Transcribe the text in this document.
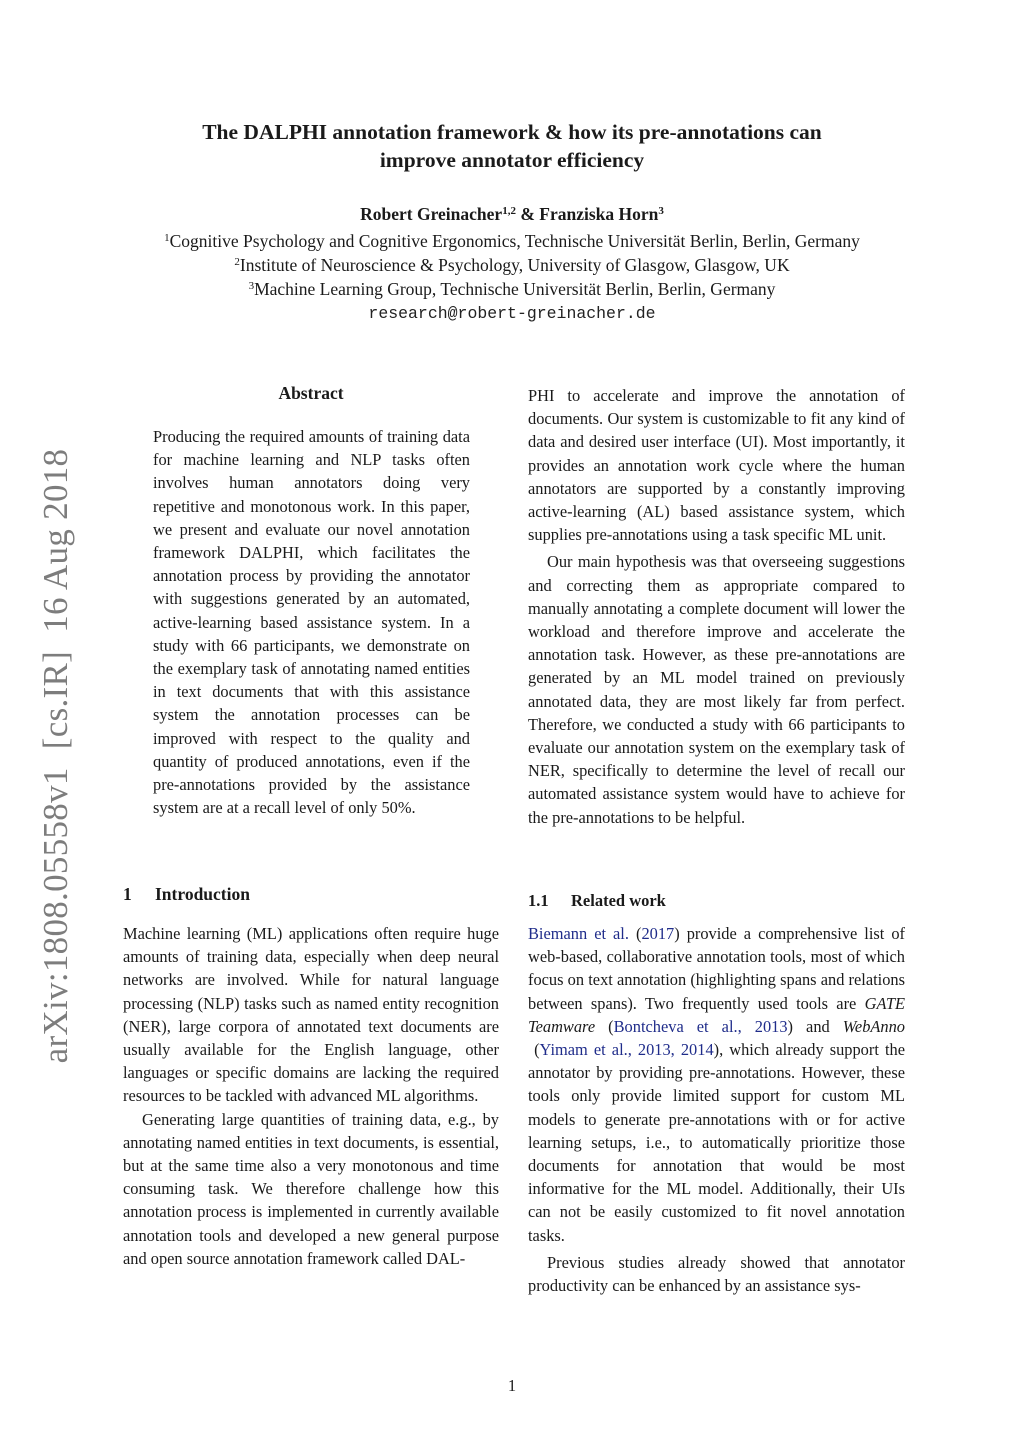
The DALPHI annotation framework & how its pre-annotations can
improve annotator efficiency
Robert Greinacher$^{1,2}$ & Franziska Horn$^3$
$^1$Cognitive Psychology and Cognitive Ergonomics, Technische Universität Berlin, Berlin, Germany
$^2$Institute of Neuroscience & Psychology, University of Glasgow, Glasgow, UK
$^3$Machine Learning Group, Technische Universität Berlin, Berlin, Germany
research@robert-greinacher.de
arXiv:1808.05558v1  [cs.IR]  16 Aug 2018
Abstract

Producing the required amounts of training data for machine learning and NLP tasks often involves human annotators doing very repetitive and monotonous work. In this paper, we present and evaluate our novel annotation framework DALPHI, which facilitates the annotation process by providing the annotator with suggestions generated by an automated, active-learning based assistance system. In a study with 66 participants, we demonstrate on the exemplary task of annotating named entities in text documents that with this assistance system the annotation processes can be improved with respect to the quality and quantity of produced annotations, even if the pre-annotations provided by the assistance system are at a recall level of only 50%.

1 Introduction

Machine learning (ML) applications often require huge amounts of training data, especially when deep neural networks are involved. While for natural language processing (NLP) tasks such as named entity recognition (NER), large corpora of annotated text documents are usually available for the English language, other languages or specific domains are lacking the required resources to be tackled with advanced ML algorithms.

Generating large quantities of training data, e.g., by annotating named entities in text documents, is essential, but at the same time also a very monotonous and time consuming task. We therefore challenge how this annotation process is implemented in currently available annotation tools and developed a new general purpose and open source annotation framework called DAL-

PHI to accelerate and improve the annotation of documents. Our system is customizable to fit any kind of data and desired user interface (UI). Most importantly, it provides an annotation work cycle where the human annotators are supported by a constantly improving active-learning (AL) based assistance system, which supplies pre-annotations using a task specific ML unit.

Our main hypothesis was that overseeing suggestions and correcting them as appropriate compared to manually annotating a complete document will lower the workload and therefore improve and accelerate the annotation task. However, as these pre-annotations are generated by an ML model trained on previously annotated data, they are most likely far from perfect. Therefore, we conducted a study with 66 participants to evaluate our annotation system on the exemplary task of NER, specifically to determine the level of recall our automated assistance system would have to achieve for the pre-annotations to be helpful.

1.1 Related work

Biemann et al. (2017) provide a comprehensive list of web-based, collaborative annotation tools, most of which focus on text annotation (highlighting spans and relations between spans). Two frequently used tools are GATE Teamware (Bontcheva et al., 2013) and WebAnno (Yimam et al., 2013, 2014), which already support the annotator by providing pre-annotations. However, these tools only provide limited support for custom ML models to generate pre-annotations with or for active learning setups, i.e., to automatically prioritize those documents for annotation that would be most informative for the ML model. Additionally, their UIs can not be easily customized to fit novel annotation tasks.

Previous studies already showed that annotator productivity can be enhanced by an assistance sys-

1
